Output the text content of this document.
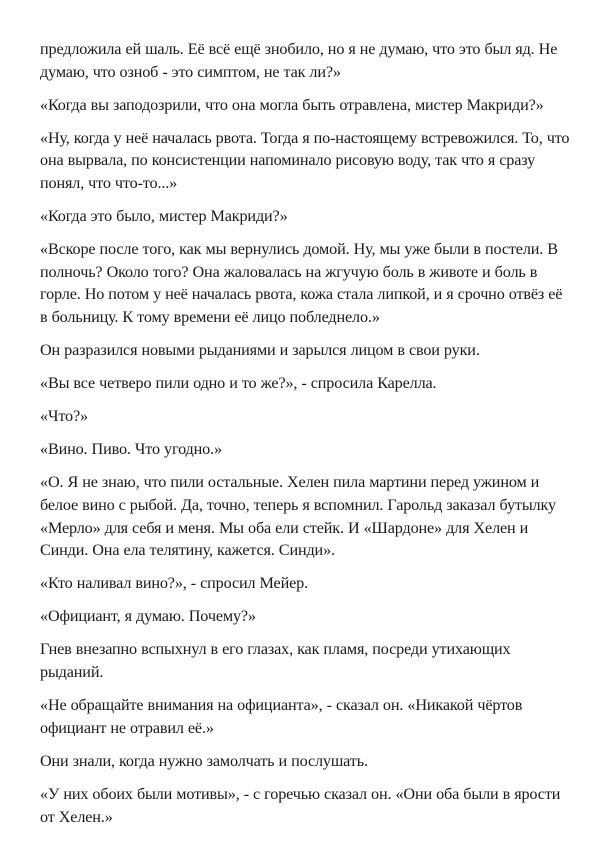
предложила ей шаль. Её всё ещё знобило, но я не думаю, что это был яд. Не думаю, что озноб - это симптом, не так ли?»

«Когда вы заподозрили, что она могла быть отравлена, мистер Макриди?»

«Ну, когда у неё началась рвота. Тогда я по-настоящему встревожился. То, что она вырвала, по консистенции напоминало рисовую воду, так что я сразу понял, что что-то...»

«Когда это было, мистер Макриди?»

«Вскоре после того, как мы вернулись домой. Ну, мы уже были в постели. В полночь? Около того? Она жаловалась на жгучую боль в животе и боль в горле. Но потом у неё началась рвота, кожа стала липкой, и я срочно отвёз её в больницу. К тому времени её лицо побледнело.»

Он разразился новыми рыданиями и зарылся лицом в свои руки.

«Вы все четверо пили одно и то же?», - спросила Карелла.

«Что?»

«Вино. Пиво. Что угодно.»

«О. Я не знаю, что пили остальные. Хелен пила мартини перед ужином и белое вино с рыбой. Да, точно, теперь я вспомнил. Гарольд заказал бутылку «Мерло» для себя и меня. Мы оба ели стейк. И «Шардоне» для Хелен и Синди. Она ела телятину, кажется. Синди».

«Кто наливал вино?», - спросил Мейер.

«Официант, я думаю. Почему?»

Гнев внезапно вспыхнул в его глазах, как пламя, посреди утихающих рыданий.

«Не обращайте внимания на официанта», - сказал он. «Никакой чёртов официант не отравил её.»

Они знали, когда нужно замолчать и послушать.

«У них обоих были мотивы», - с горечью сказал он. «Они оба были в ярости от Хелен.»
